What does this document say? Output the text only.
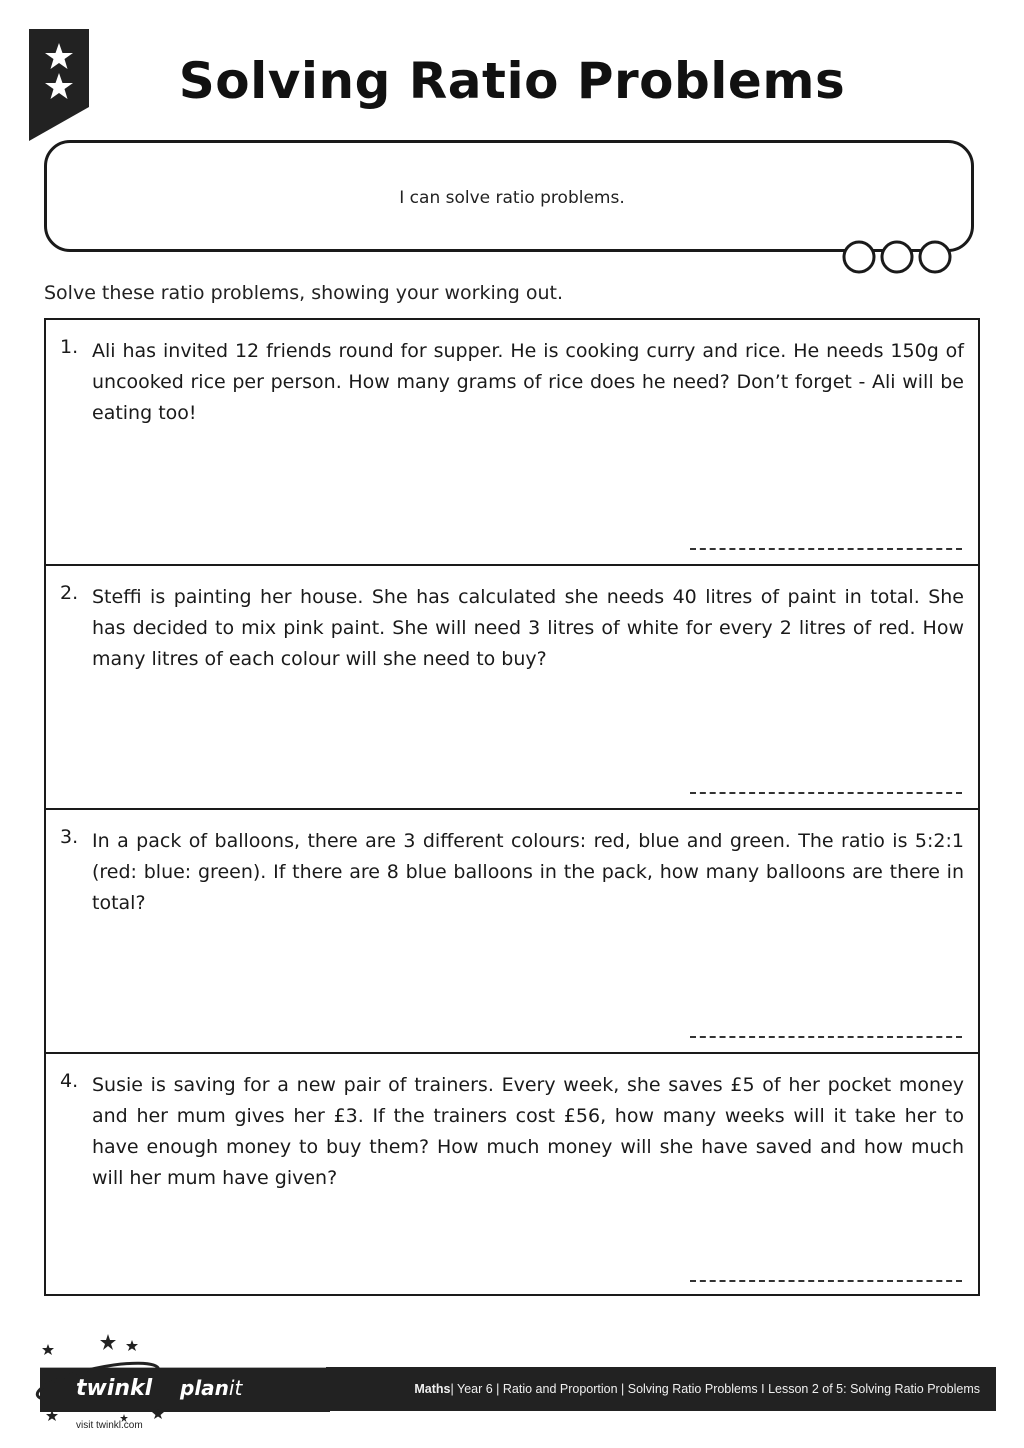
Solving Ratio Problems
I can solve ratio problems.
Solve these ratio problems, showing your working out.
1. Ali has invited 12 friends round for supper. He is cooking curry and rice. He needs 150g of uncooked rice per person. How many grams of rice does he need? Don’t forget - Ali will be eating too!
2. Steffi is painting her house. She has calculated she needs 40 litres of paint in total. She has decided to mix pink paint. She will need 3 litres of white for every 2 litres of red. How many litres of each colour will she need to buy?
3. In a pack of balloons, there are 3 different colours: red, blue and green. The ratio is 5:2:1 (red: blue: green). If there are 8 blue balloons in the pack, how many balloons are there in total?
4. Susie is saving for a new pair of trainers. Every week, she saves £5 of her pocket money and her mum gives her £3. If the trainers cost £56, how many weeks will it take her to have enough money to buy them? How much money will she have saved and how much will her mum have given?
twinkl planit
visit twinkl.com
Maths | Year 6 | Ratio and Proportion | Solving Ratio Problems I Lesson 2 of 5: Solving Ratio Problems
